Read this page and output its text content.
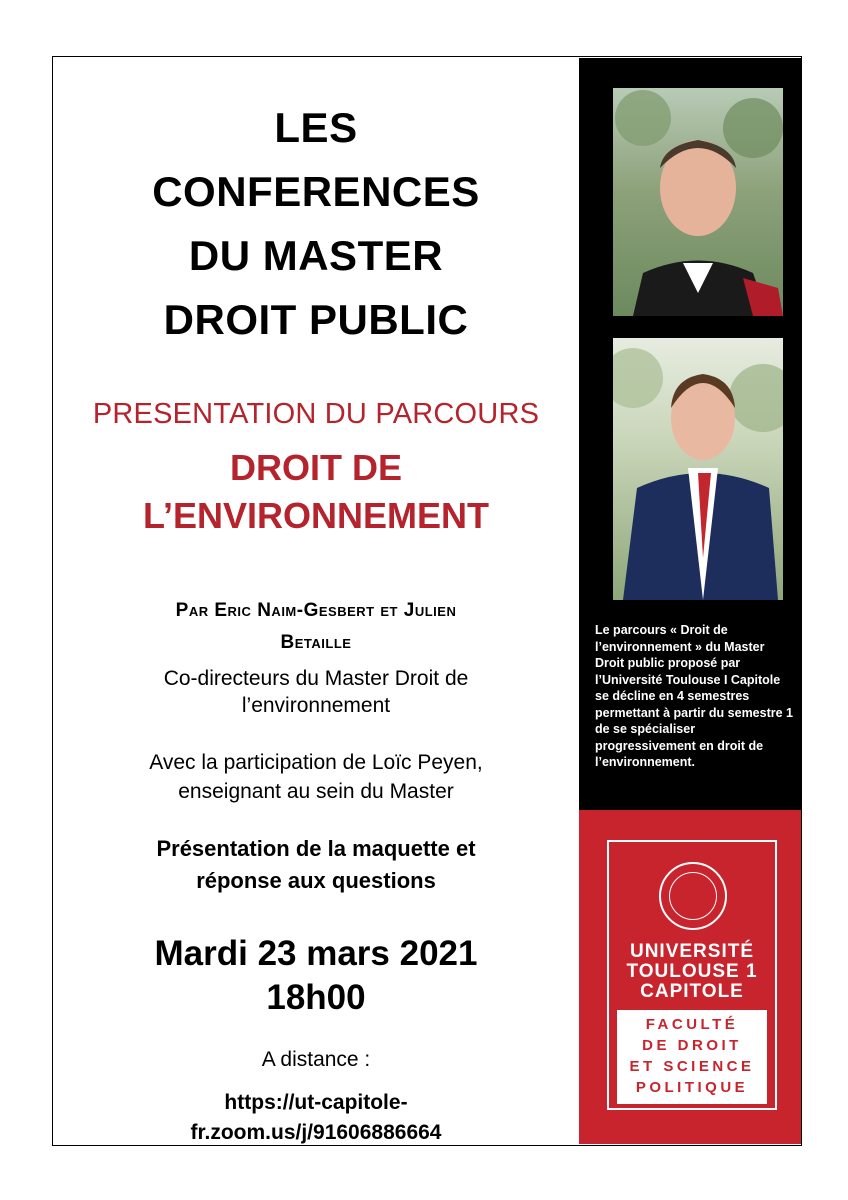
LES
CONFERENCES
DU MASTER
DROIT PUBLIC
PRESENTATION DU PARCOURS
DROIT DE
L’ENVIRONNEMENT
Par Eric Naim-Gesbert et Julien
Betaille
Co-directeurs du Master Droit de
l’environnement
Avec la participation de Loïc Peyen,
enseignant au sein du Master
Présentation de la maquette et
réponse aux questions
Mardi 23 mars 2021
18h00
A distance :
https://ut-capitole-
fr.zoom.us/j/91606886664
Le parcours « Droit de l’environnement » du Master Droit public proposé par l’Université Toulouse I Capitole se décline en 4 semestres permettant à partir du semestre 1 de se spécialiser progressivement en droit de l’environnement.
UNIVERSITÉ
TOULOUSE 1
CAPITOLE
FACULTÉ
DE DROIT
ET SCIENCE
POLITIQUE
